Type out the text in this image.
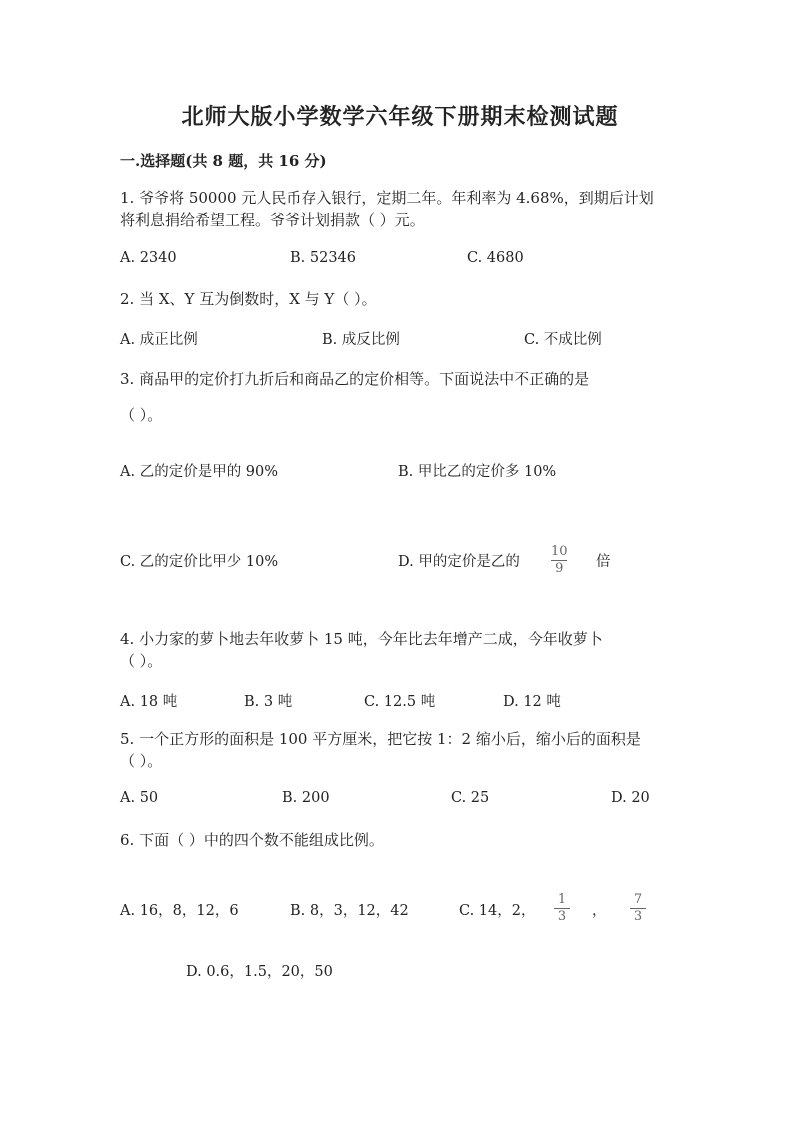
北师大版小学数学六年级下册期末检测试题
一.选择题(共 8 题，共 16 分)
1. 爷爷将 50000 元人民币存入银行，定期二年。年利率为 4.68%，到期后计划
将利息捐给希望工程。爷爷计划捐款（ ）元。
A. 2340	B. 52346	C. 4680
2. 当 X、Y 互为倒数时，X 与 Y（ ）。
A. 成正比例	B. 成反比例	C. 不成比例
3. 商品甲的定价打九折后和商品乙的定价相等。下面说法中不正确的是
（ ）。
A. 乙的定价是甲的 90%	B. 甲比乙的定价多 10%
C. 乙的定价比甲少 10%	D. 甲的定价是乙的
10
9 倍
4. 小力家的萝卜地去年收萝卜 15 吨，今年比去年增产二成，今年收萝卜
（ ）。
A. 18 吨	B. 3 吨	C. 12.5 吨	D. 12 吨
5. 一个正方形的面积是 100 平方厘米，把它按 1：2 缩小后，缩小后的面积是
（ ）。
A. 50	B. 200	C. 25	D. 20
6. 下面（ ）中的四个数不能组成比例。
A. 16，8，12，6	B. 8，3，12，42	C. 14，2，
1
3 ，
7
3
D. 0.6，1.5，20，50
